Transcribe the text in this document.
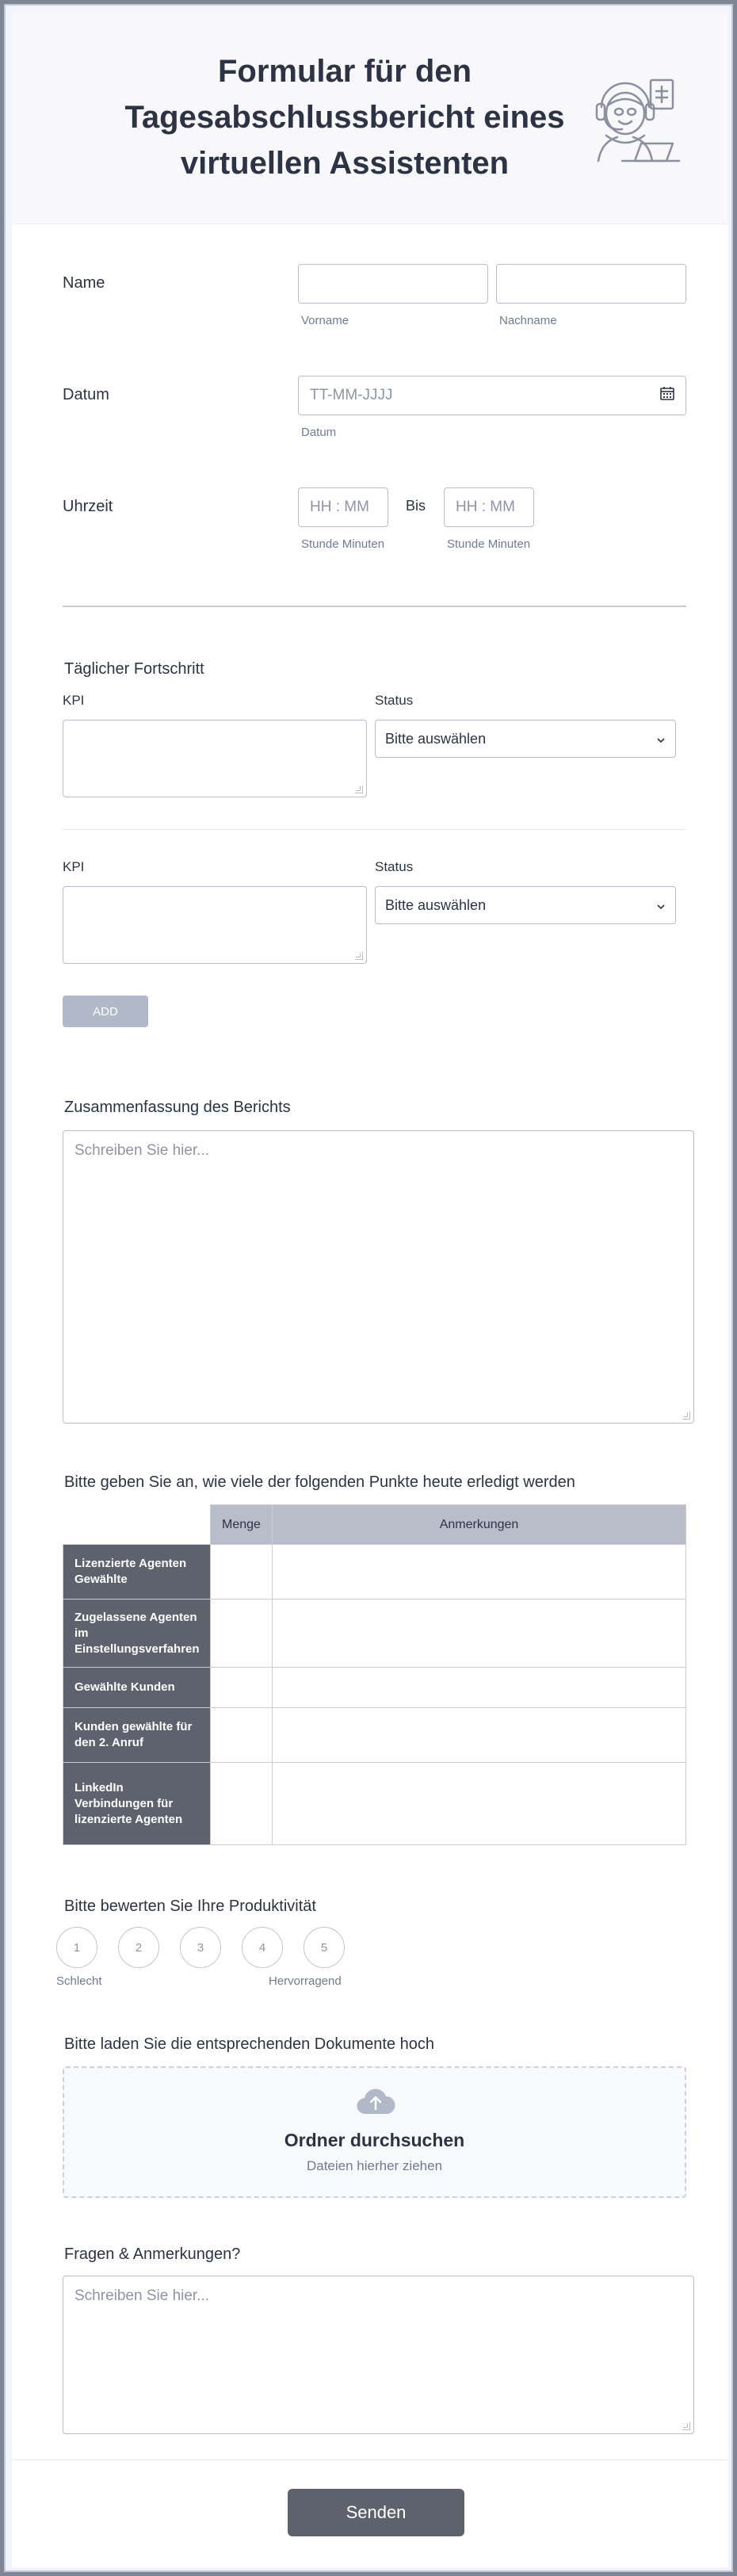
Formular für den Tagesabschlussbericht eines virtuellen Assistenten
Name
Vorname	Nachname
Datum	TT-MM-JJJJ
Datum
Uhrzeit	HH : MM	Bis HH : MM
Stunde Minuten	Stunde Minuten
Täglicher Fortschritt
KPI	Status
Bitte auswählen
KPI	Status
Bitte auswählen
ADD
Zusammenfassung des Berichts
Schreiben Sie hier...
Bitte geben Sie an, wie viele der folgenden Punkte heute erledigt werden
	Menge	Anmerkungen
Lizenzierte Agenten Gewählte		
Zugelassene Agenten im Einstellungsverfahren		
Gewählte Kunden		
Kunden gewählte für den 2. Anruf		
LinkedIn Verbindungen für lizenzierte Agenten		
Bitte bewerten Sie Ihre Produktivität
1	2	3	4	5
Schlecht	Hervorragend
Bitte laden Sie die entsprechenden Dokumente hoch
Ordner durchsuchen
Dateien hierher ziehen
Fragen & Anmerkungen?
Schreiben Sie hier...
Senden
